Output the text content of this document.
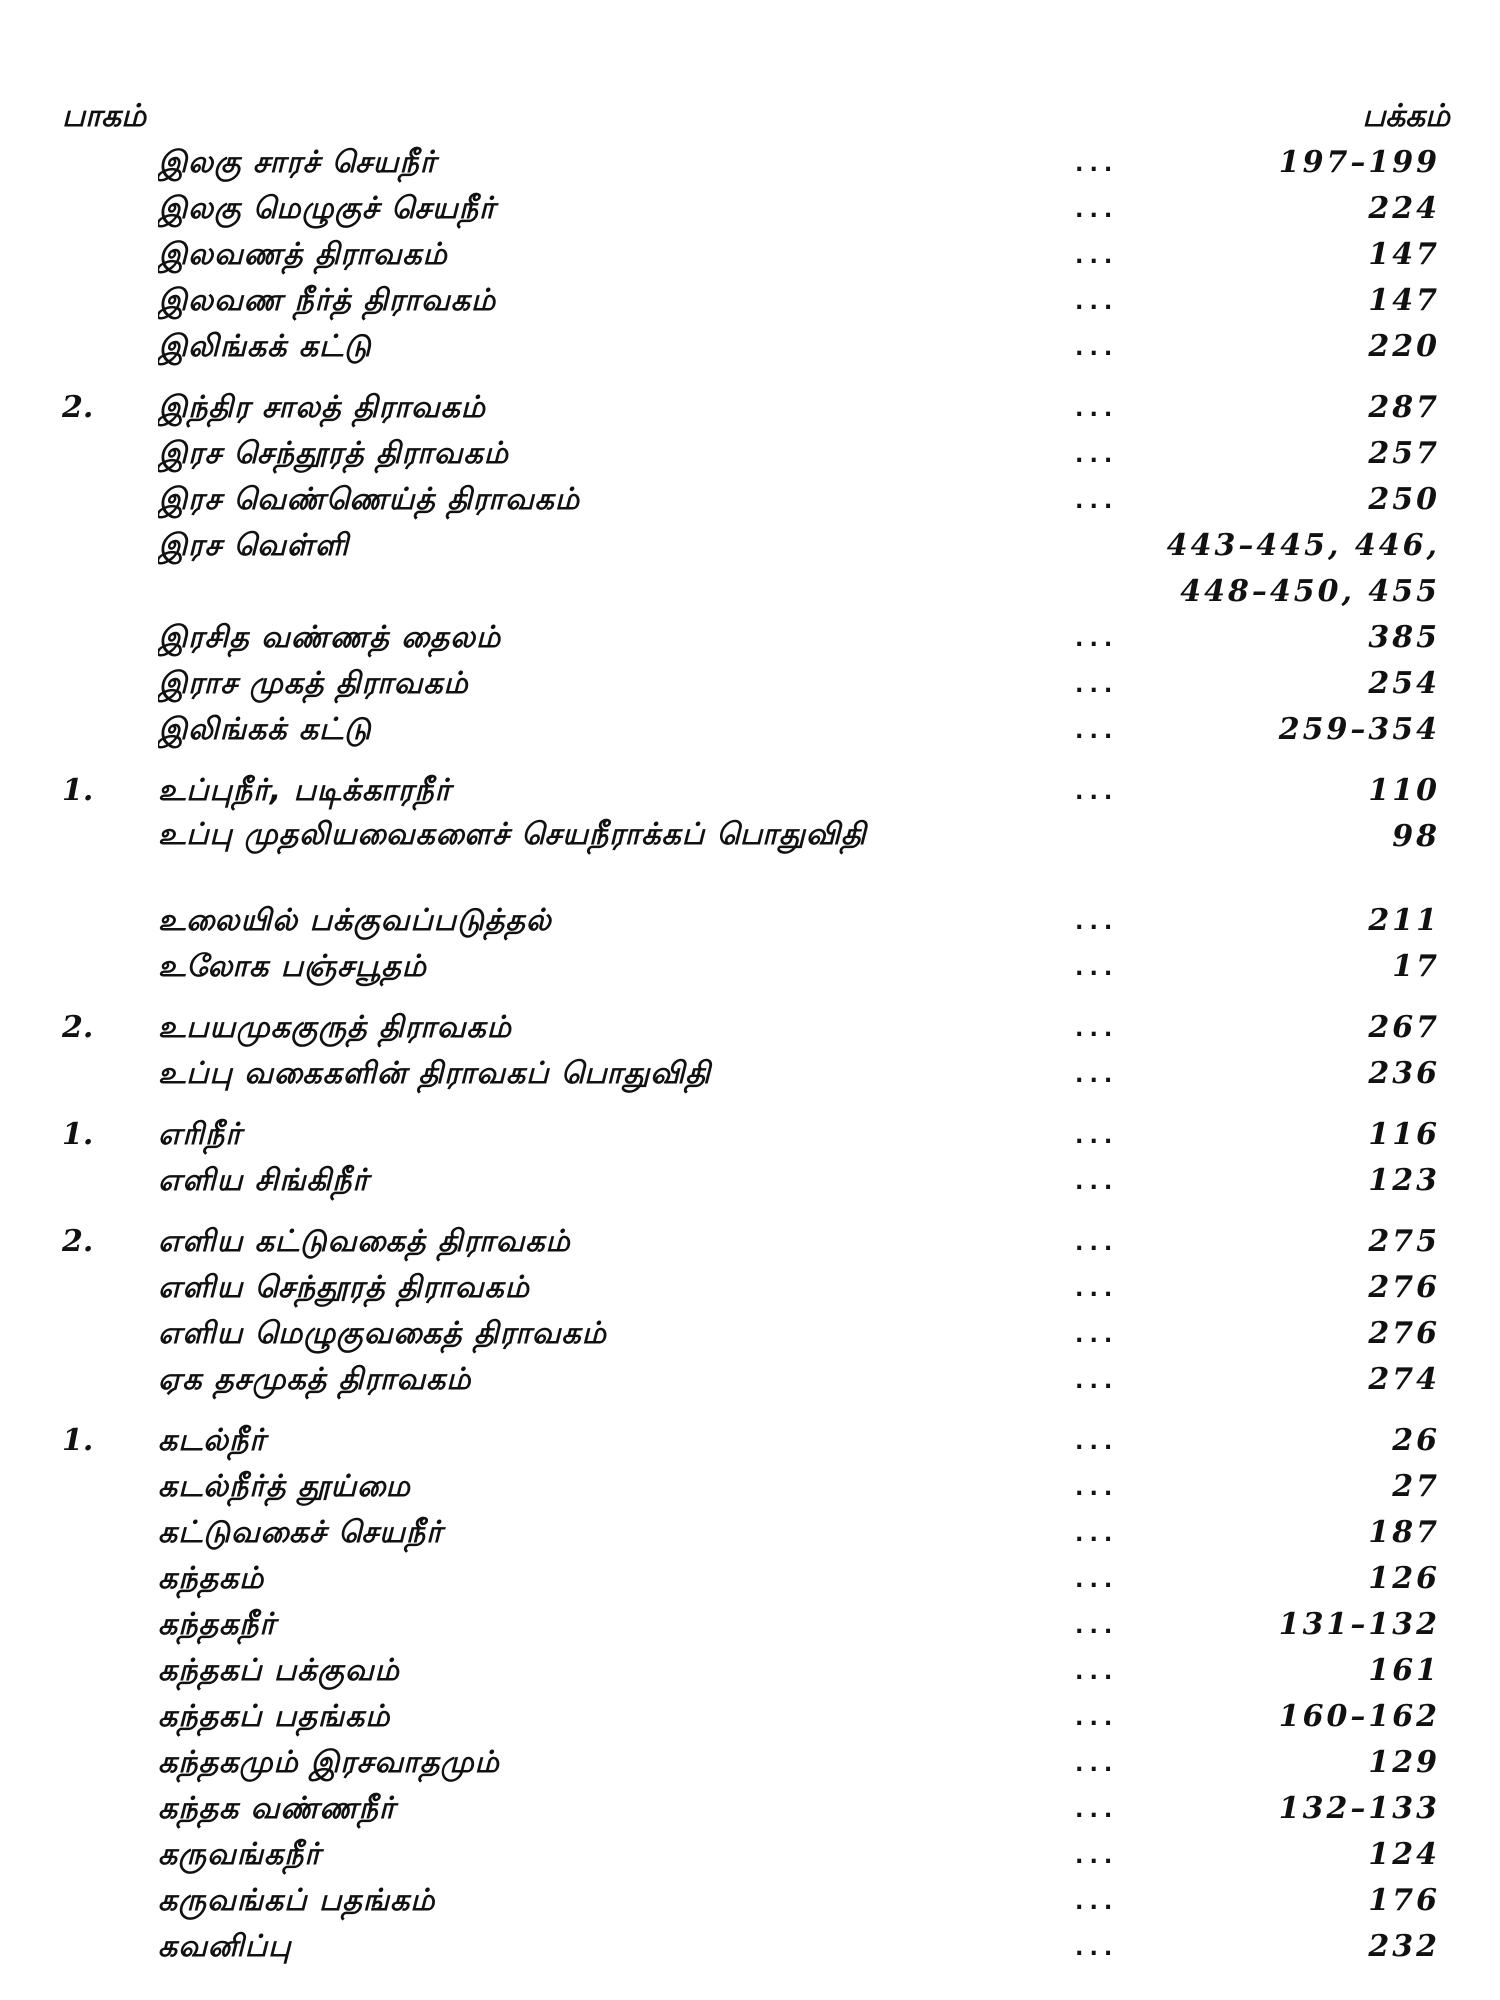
பாகம்	பக்கம்
இலகு சாரச் செயநீர்	...	197–199
இலகு மெழுகுச் செயநீர்	...	224
இலவணத் திராவகம்	...	147
இலவண நீர்த் திராவகம்	...	147
இலிங்கக் கட்டு	...	220
2.	இந்திர சாலத் திராவகம்	...	287
இரச செந்தூரத் திராவகம்	...	257
இரச வெண்ணெய்த் திராவகம்	...	250
இரச வெள்ளி	443–445, 446,
448–450, 455
இரசித வண்ணத் தைலம்	...	385
இராச முகத் திராவகம்	...	254
இலிங்கக் கட்டு	...	259–354
1.	உப்புநீர், படிக்காரநீர்	...	110
உப்பு முதலியவைகளைச் செயநீராக்கப் பொதுவிதி	98
உலையில் பக்குவப்படுத்தல்	...	211
உலோக பஞ்சபூதம்	...	17
2.	உபயமுககுருத் திராவகம்	...	267
உப்பு வகைகளின் திராவகப் பொதுவிதி	...	236
1.	எரிநீர்	...	116
எளிய சிங்கிநீர்	...	123
2.	எளிய கட்டுவகைத் திராவகம்	...	275
எளிய செந்தூரத் திராவகம்	...	276
எளிய மெழுகுவகைத் திராவகம்	...	276
ஏக தசமுகத் திராவகம்	...	274
1.	கடல்நீர்	...	26
கடல்நீர்த் தூய்மை	...	27
கட்டுவகைச் செயநீர்	...	187
கந்தகம்	...	126
கந்தகநீர்	...	131–132
கந்தகப் பக்குவம்	...	161
கந்தகப் பதங்கம்	...	160–162
கந்தகமும் இரசவாதமும்	...	129
கந்தக வண்ணநீர்	...	132–133
கருவங்கநீர்	...	124
கருவங்கப் பதங்கம்	...	176
கவனிப்பு	...	232
